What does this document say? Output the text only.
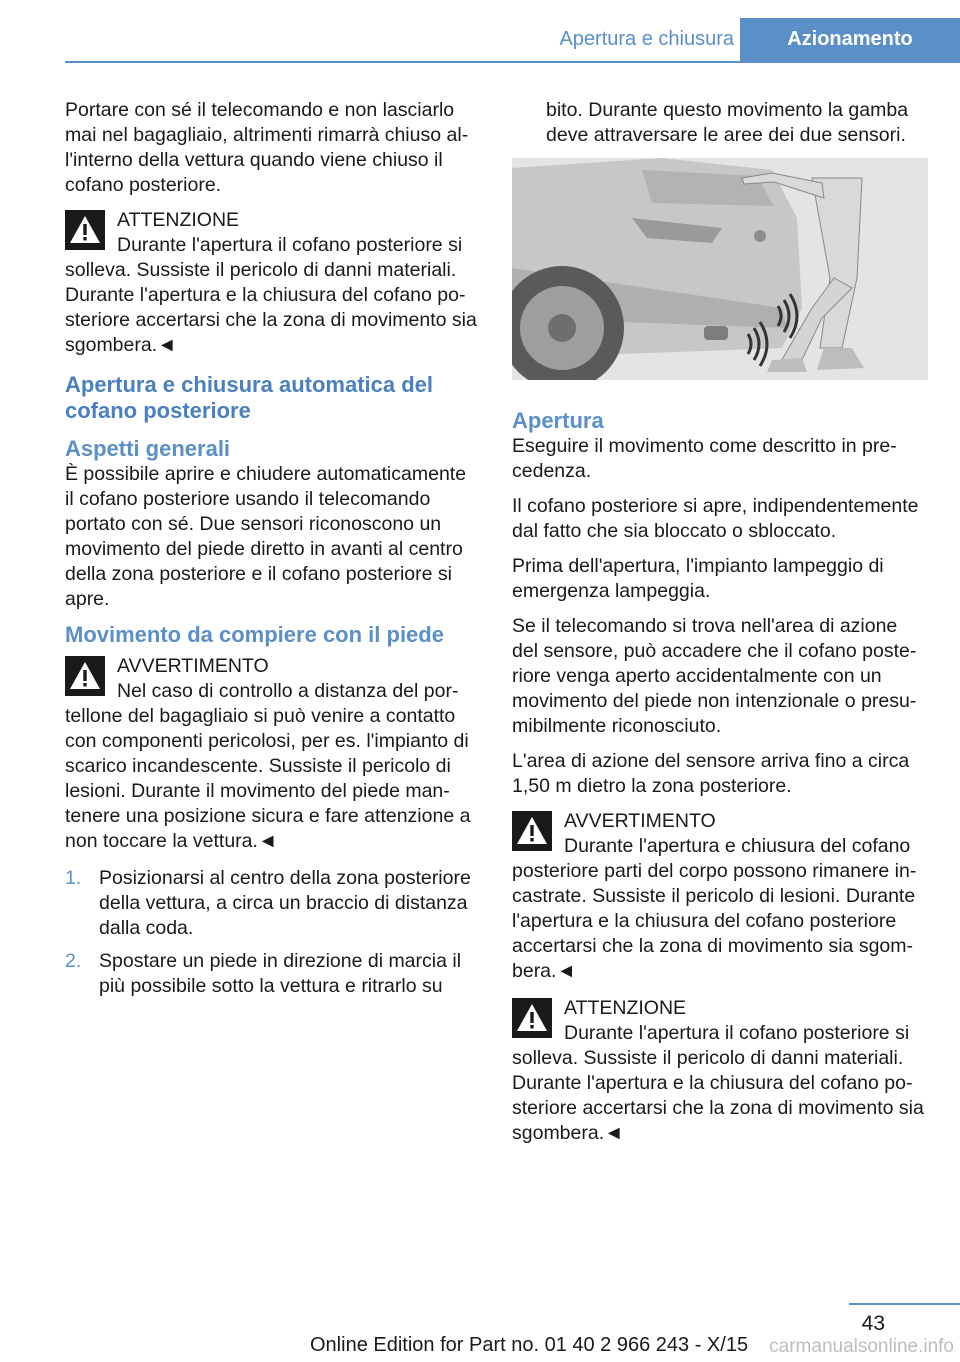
Apertura e chiusura	Azionamento

Portare con sé il telecomando e non lasciarlo mai nel bagagliaio, altrimenti rimarrà chiuso all'interno della vettura quando viene chiuso il cofano posteriore.

ATTENZIONE
Durante l'apertura il cofano posteriore si solleva. Sussiste il pericolo di danni materiali. Durante l'apertura e la chiusura del cofano posteriore accertarsi che la zona di movimento sia sgombera.◄
Apertura e chiusura automatica del cofano posteriore
Aspetti generali

È possibile aprire e chiudere automaticamente il cofano posteriore usando il telecomando portato con sé. Due sensori riconoscono un movimento del piede diretto in avanti al centro della zona posteriore e il cofano posteriore si apre.

Movimento da compiere con il piede
AVVERTIMENTO
Nel caso di controllo a distanza del portellone del bagagliaio si può venire a contatto con componenti pericolosi, per es. l'impianto di scarico incandescente. Sussiste il pericolo di lesioni. Durante il movimento del piede mantenere una posizione sicura e fare attenzione a non toccare la vettura.◄
1. Posizionarsi al centro della zona posteriore della vettura, a circa un braccio di distanza dalla coda.
2. Spostare un piede in direzione di marcia il più possibile sotto la vettura e ritrarlo su

bito. Durante questo movimento la gamba deve attraversare le aree dei due sensori.

Apertura

Eseguire il movimento come descritto in precedenza.

Il cofano posteriore si apre, indipendentemente dal fatto che sia bloccato o sbloccato.

Prima dell'apertura, l'impianto lampeggio di emergenza lampeggia.

Se il telecomando si trova nell'area di azione del sensore, può accadere che il cofano posteriore venga aperto accidentalmente con un movimento del piede non intenzionale o presumibilmente riconosciuto.

L'area di azione del sensore arriva fino a circa 1,50 m dietro la zona posteriore.

AVVERTIMENTO
Durante l'apertura e chiusura del cofano posteriore parti del corpo possono rimanere incastrate. Sussiste il pericolo di lesioni. Durante l'apertura e la chiusura del cofano posteriore accertarsi che la zona di movimento sia sgombera.◄
ATTENZIONE
Durante l'apertura il cofano posteriore si solleva. Sussiste il pericolo di danni materiali. Durante l'apertura e la chiusura del cofano posteriore accertarsi che la zona di movimento sia sgombera.◄
43
Online Edition for Part no. 01 40 2 966 243 - X/15 carmanualsonline.info
